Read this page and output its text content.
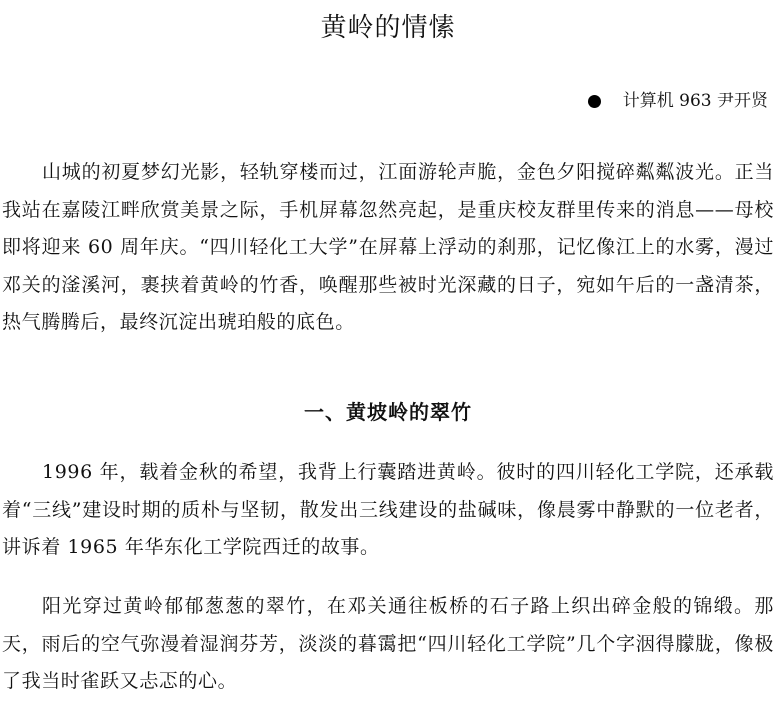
黄岭的情愫
计算机 963 尹开贤

山城的初夏梦幻光影，轻轨穿楼而过，江面游轮声脆，金色夕阳搅碎粼粼波光。正当我站在嘉陵江畔欣赏美景之际，手机屏幕忽然亮起，是重庆校友群里传来的消息——母校即将迎来 60 周年庆。“四川轻化工大学”在屏幕上浮动的刹那，记忆像江上的水雾，漫过邓关的滏溪河，裹挟着黄岭的竹香，唤醒那些被时光深藏的日子，宛如午后的一盏清茶，热气腾腾后，最终沉淀出琥珀般的底色。

一、黄坡岭的翠竹

1996 年，载着金秋的希望，我背上行囊踏进黄岭。彼时的四川轻化工学院，还承载着“三线”建设时期的质朴与坚韧，散发出三线建设的盐碱味，像晨雾中静默的一位老者，讲诉着 1965 年华东化工学院西迁的故事。

阳光穿过黄岭郁郁葱葱的翠竹，在邓关通往板桥的石子路上织出碎金般的锦缎。那天，雨后的空气弥漫着湿润芬芳，淡淡的暮霭把“四川轻化工学院”几个字洇得朦胧，像极了我当时雀跃又忐忑的心。
